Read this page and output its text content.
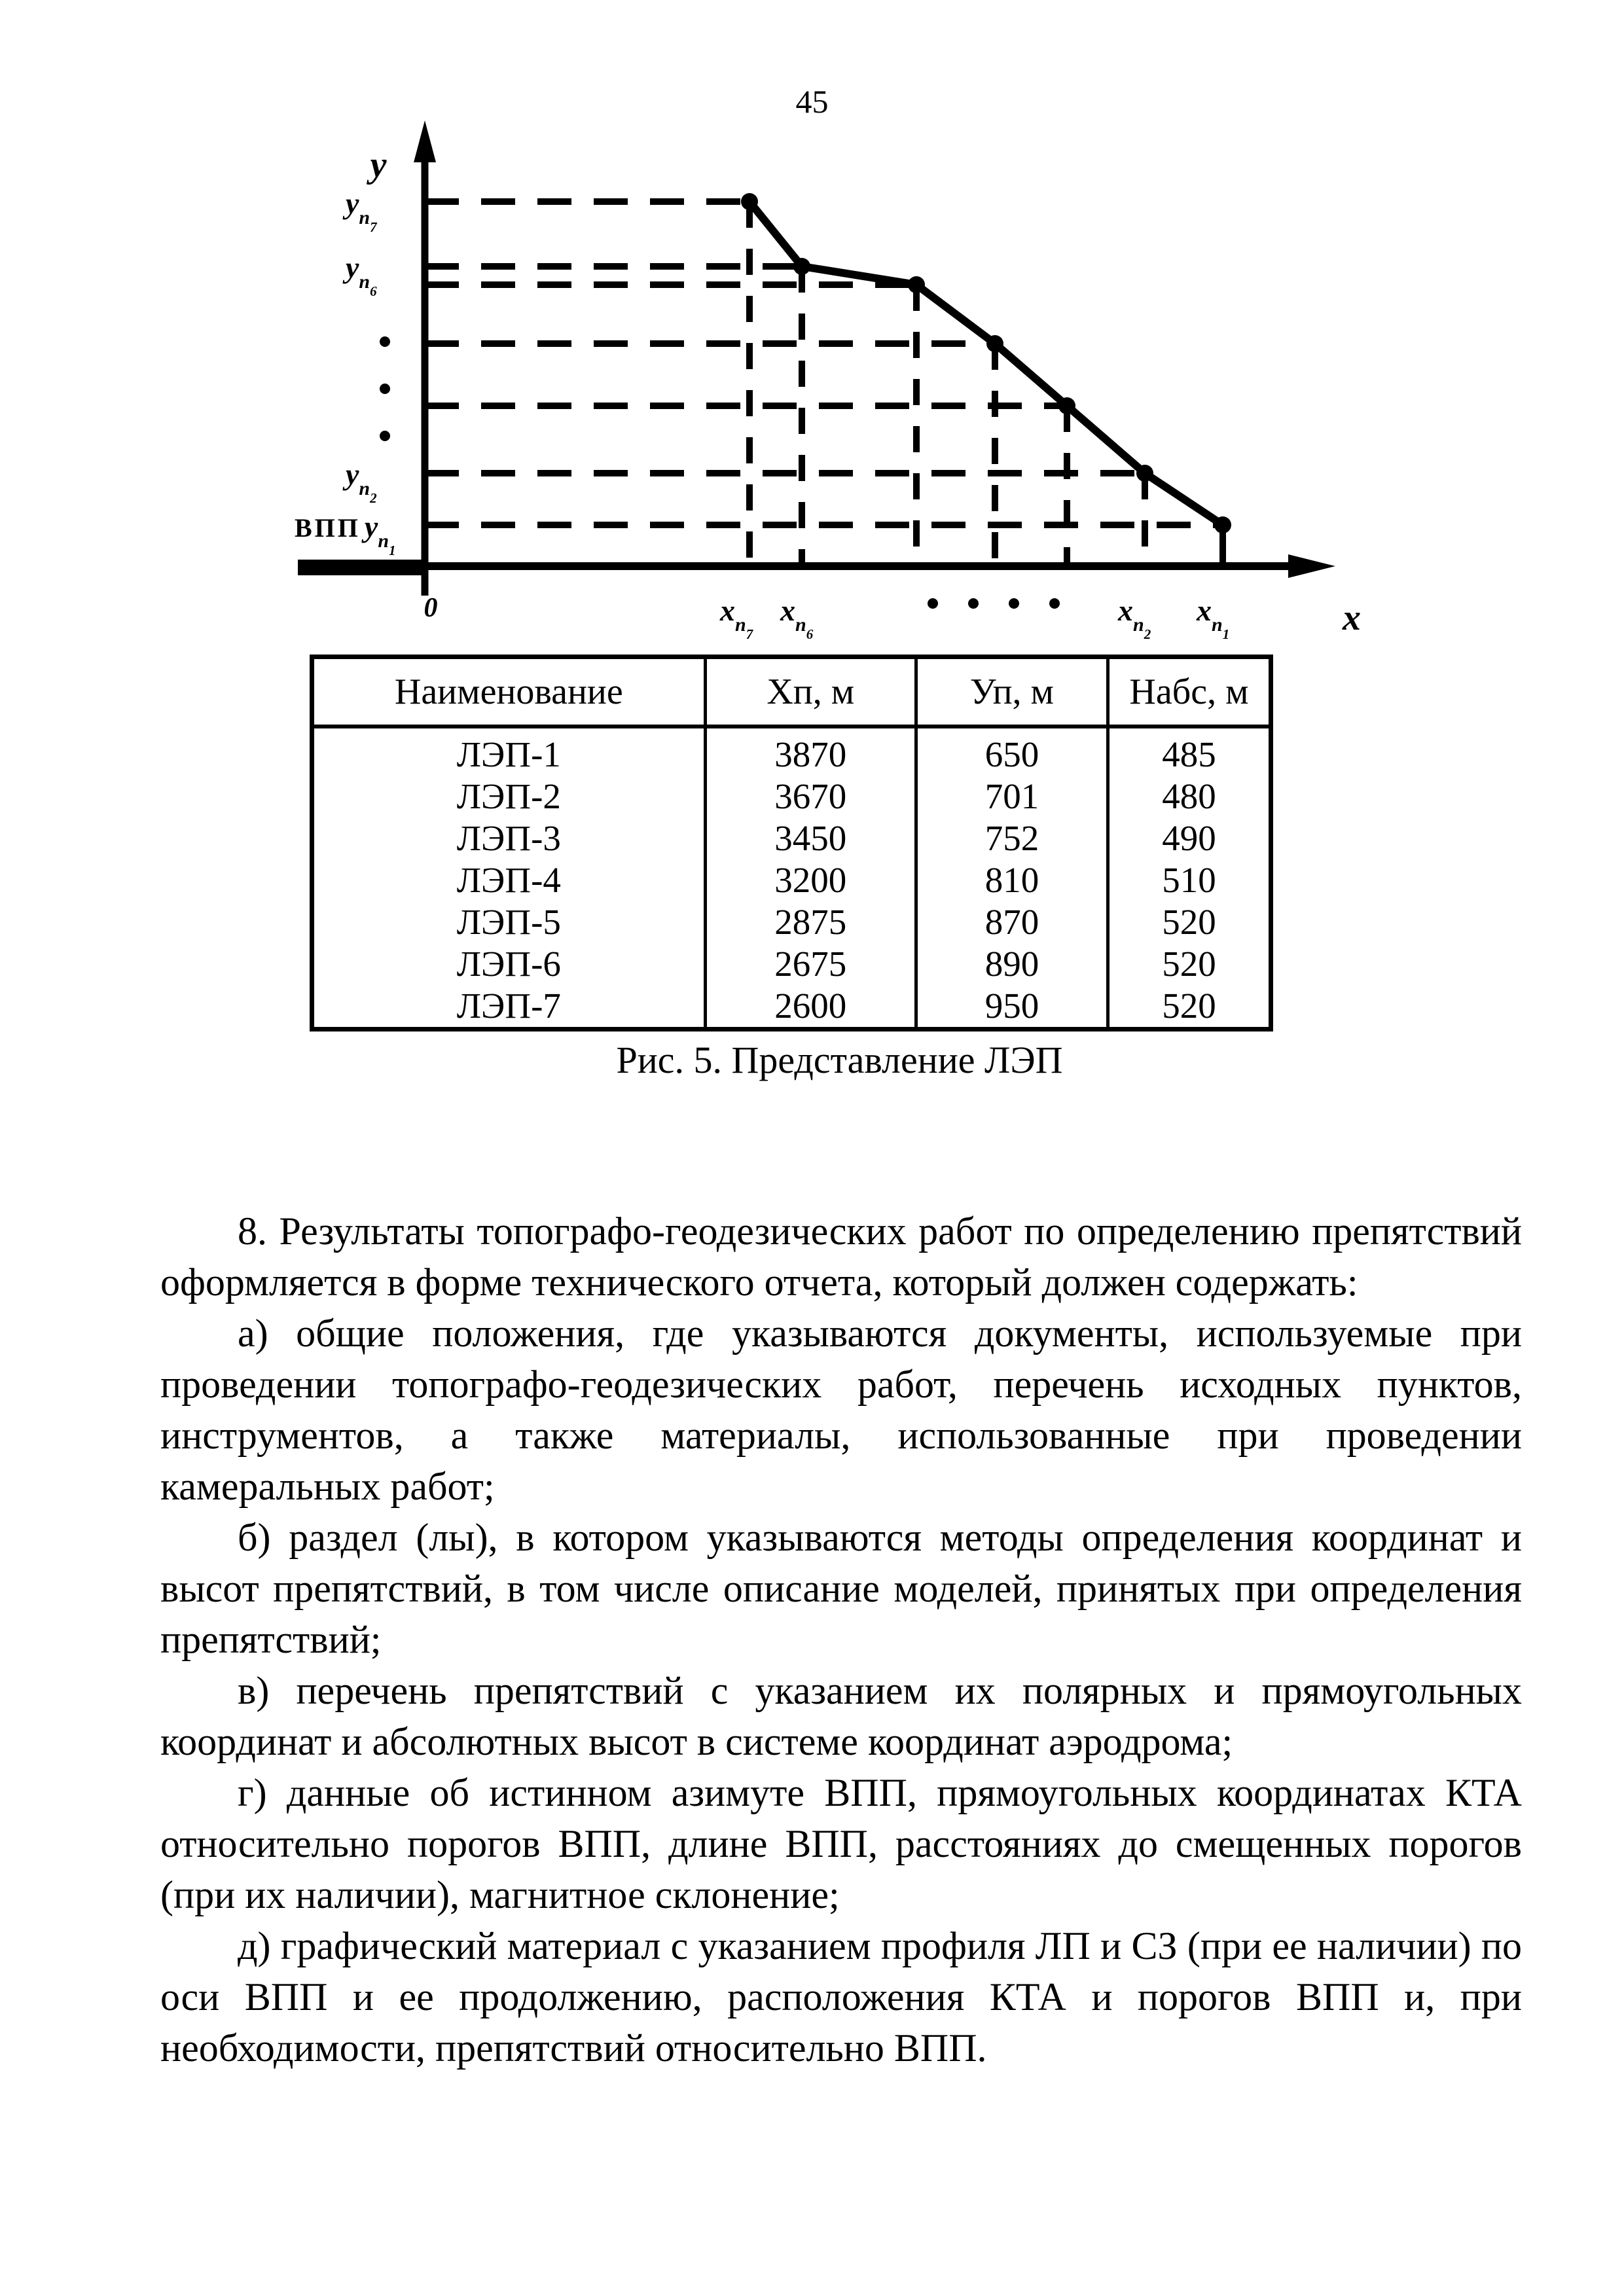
45
y
x
0
yп7
yп6
yп2
ВПП yп1
xп7
xп6
xп2
xп1
Наименование	Хп, м	Уп, м	Набс, м
ЛЭП-1	3870	650	485
ЛЭП-2	3670	701	480
ЛЭП-3	3450	752	490
ЛЭП-4	3200	810	510
ЛЭП-5	2875	870	520
ЛЭП-6	2675	890	520
ЛЭП-7	2600	950	520
Рис. 5. Представление ЛЭП

8. Результаты топографо-геодезических работ по определению препятствий оформляется в форме технического отчета, который должен содержать:

а) общие положения, где указываются документы, используемые при проведении топографо-геодезических работ, перечень исходных пунктов, инструментов, а также материалы, использованные при проведении камеральных работ;

б) раздел (лы), в котором указываются методы определения координат и высот препятствий, в том числе описание моделей, принятых при определения препятствий;

в) перечень препятствий с указанием их полярных и прямоугольных координат и абсолютных высот в системе координат аэродрома;

г) данные об истинном азимуте ВПП, прямоугольных координатах КТА относительно порогов ВПП, длине ВПП, расстояниях до смещенных порогов (при их наличии), магнитное склонение;

д) графический материал с указанием профиля ЛП и СЗ (при ее наличии) по оси ВПП и ее продолжению, расположения КТА и порогов ВПП и, при необходимости, препятствий относительно ВПП.
